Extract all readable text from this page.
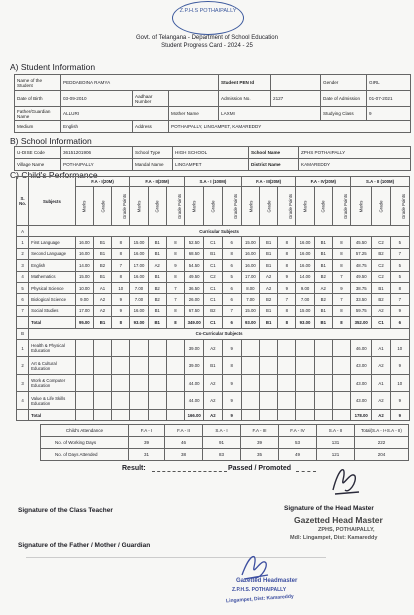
Z.P.H.S POTHAIPALLY
Govt. of Telangana - Department of School Education
Student Progress Card - 2024 - 25
A) Student Information
Name of the Student	PEDDABOINA RAMYA			Student PEN Id		Gender	GIRL
Date of Birth	03-09-2010	Aadhaar Number		Admission No.	2127	Date of Admission	01-07-2021
Father/Guardian Name	ALLURI		Mother Name	LAXMI		Studying Class	9
Medium	English	Address	POTHAIPALLY, LINGAMPET, KAMAREDDY				
B) School Information
U-DISE Code	36151201906	School Type	HIGH SCHOOL	School Name	ZPHS POTHAIPALLY
Village Name	POTHAIPALLY	Mandal Name	LINGAMPET	District Name	KAMAREDDY
C) Child's Performance
S. No.	Subjects	F.A - I(20M)			F.A - II(20M)			S.A - I (100M)			F.A - III(20M)			F.A - IV(20M)			S.A - II (100M)		
		Marks	Grade	Grade Points	Marks	Grade	Grade Points	Marks	Grade	Grade Points	Marks	Grade	Grade Points	Marks	Grade	Grade Points	Marks	Grade	Grade Points
A	Curricular Subjects																		
1	First Language	16.00	B1	8	15.00	B1	8	52.50	C1	6	15.00	B1	8	16.00	B1	8	45.50	C2	5
2	Second Language	16.00	B1	8	16.00	B1	8	68.50	B1	8	16.00	B1	8	16.00	B1	8	57.25	B2	7
3	English	14.00	B2	7	17.00	A2	9	54.50	C1	6	16.00	B1	8	16.00	B1	8	48.75	C2	5
4	Mathematics	15.00	B1	8	16.00	B1	8	49.50	C2	5	17.00	A2	9	14.00	B2	7	49.50	C2	5
5	Physical Science	10.00	A1	10	7.00	B2	7	36.50	C1	6	8.00	A2	9	9.00	A2	9	38.75	B1	8
6	Biological Science	9.00	A2	9	7.00	B2	7	26.00	C1	6	7.00	B2	7	7.00	B2	7	33.50	B2	7
7	Social Studies	17.00	A2	9	16.00	B1	8	67.50	B2	7	15.00	B1	8	15.00	B1	8	59.75	A2	9
	Total	95.00	B1	8	93.00	B1	8	349.00	C1	6	93.00	B1	8	93.00	B1	8	352.00	C1	6
B	Co-Curricular Subjects																		
1	Health & Physical Education							39.00	A2	9							46.00	A1	10
2	Art & Cultural Education							39.00	B1	8							43.00	A2	9
3	Work & Computer Education							44.00	A2	9							43.00	A1	10
4	Value & Life Skills Education							44.00	A2	9							43.00	A2	9
	Total							166.00	A2	9							178.00	A2	9
Child's Attendance	F.A - I	F.A - II	S.A - I	F.A - III	F.A - IV	S.A - II	Total(S.A - I+S.A - II)
No. of Working Days	39	46	91	39	53	131	222
No. of Days Attended	31	38	83	35	49	121	204
Result:	Passed / Promoted
Signature of the Class Teacher	Signature of the Head Master
Gazetted Head Master
ZPHS, POTHAIPALLY,
Mdl: Lingampet, Dist: Kamareddy
Signature of the Father / Mother / Guardian
Gazetted Headmaster
Z.P.H.S. POTHAIPALLY
Lingampet, Dist: Kamareddy
